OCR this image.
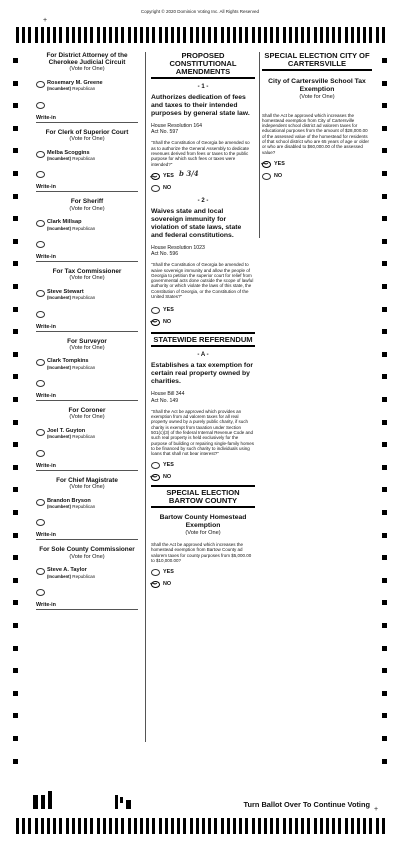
Copyright © 2020 Dominion Voting Inc. All Rights Reserved
+
For District Attorney of the Cherokee Judicial Circuit
(Vote for One)
Rosemary M. Greene
(Incumbent) Republican
Write-in
For Clerk of Superior Court
(Vote for One)
Melba Scoggins
(Incumbent) Republican
Write-in
For Sheriff
(Vote for One)
Clark Millsap
(Incumbent) Republican
Write-in
For Tax Commissioner
(Vote for One)
Steve Stewart
(Incumbent) Republican
Write-in
For Surveyor
(Vote for One)
Clark Tompkins
(Incumbent) Republican
Write-in
For Coroner
(Vote for One)
Joel T. Guyton
(Incumbent) Republican
Write-in
For Chief Magistrate
(Vote for One)
Brandon Bryson
(Incumbent) Republican
Write-in
For Sole County Commissioner
(Vote for One)
Steve A. Taylor
(Incumbent) Republican
Write-in
PROPOSED CONSTITUTIONAL AMENDMENTS
- 1 -
Authorizes dedication of fees and taxes to their intended purposes by general state law.
House Resolution 164
Act No. 597
"Shall the Constitution of Georgia be amended so as to authorize the General Assembly to dedicate revenues derived from fees or taxes to the public purpose for which such fees or taxes were intended?"
YES
~	b 3/4
NO
- 2 -
Waives state and local sovereign immunity for violation of state laws, state and federal constitutions.
House Resolution 1023
Act No. 596
"Shall the Constitution of Georgia be amended to waive sovereign immunity and allow the people of Georgia to petition the superior court for relief from governmental acts done outside the scope of lawful authority or which violate the laws of this state, the Constitution of Georgia, or the Constitution of the United States?"
YES
NO
~
STATEWIDE REFERENDUM
- A -
Establishes a tax exemption for certain real property owned by charities.
House Bill 344
Act No. 149
"Shall the Act be approved which provides an exemption from ad valorem taxes for all real property owned by a purely public charity, if such charity is exempt from taxation under Section 501(c)(3) of the federal Internal Revenue Code and such real property is held exclusively for the purpose of building or repairing single-family homes to be financed by such charity to individuals using loans that shall not bear interest?"
YES
NO
~
SPECIAL ELECTION BARTOW COUNTY
Bartow County Homestead Exemption
(Vote for One)
Shall the Act be approved which increases the homestead exemption from Bartow County ad valorem taxes for county purposes from $5,000.00 to $10,000.00?
YES
NO
~
SPECIAL ELECTION CITY OF CARTERSVILLE
City of Cartersville School Tax Exemption
(Vote for One)
Shall the Act be approved which increases the homestead exemption from City of Cartersville independent school district ad valorem taxes for educational purposes from the amount of $28,000.00 of the assessed value of the homestead for residents of that school district who are 65 years of age or older or who are disabled to $60,000.00 of the assessed value?
YES
~
NO
Turn Ballot Over To Continue Voting
+
